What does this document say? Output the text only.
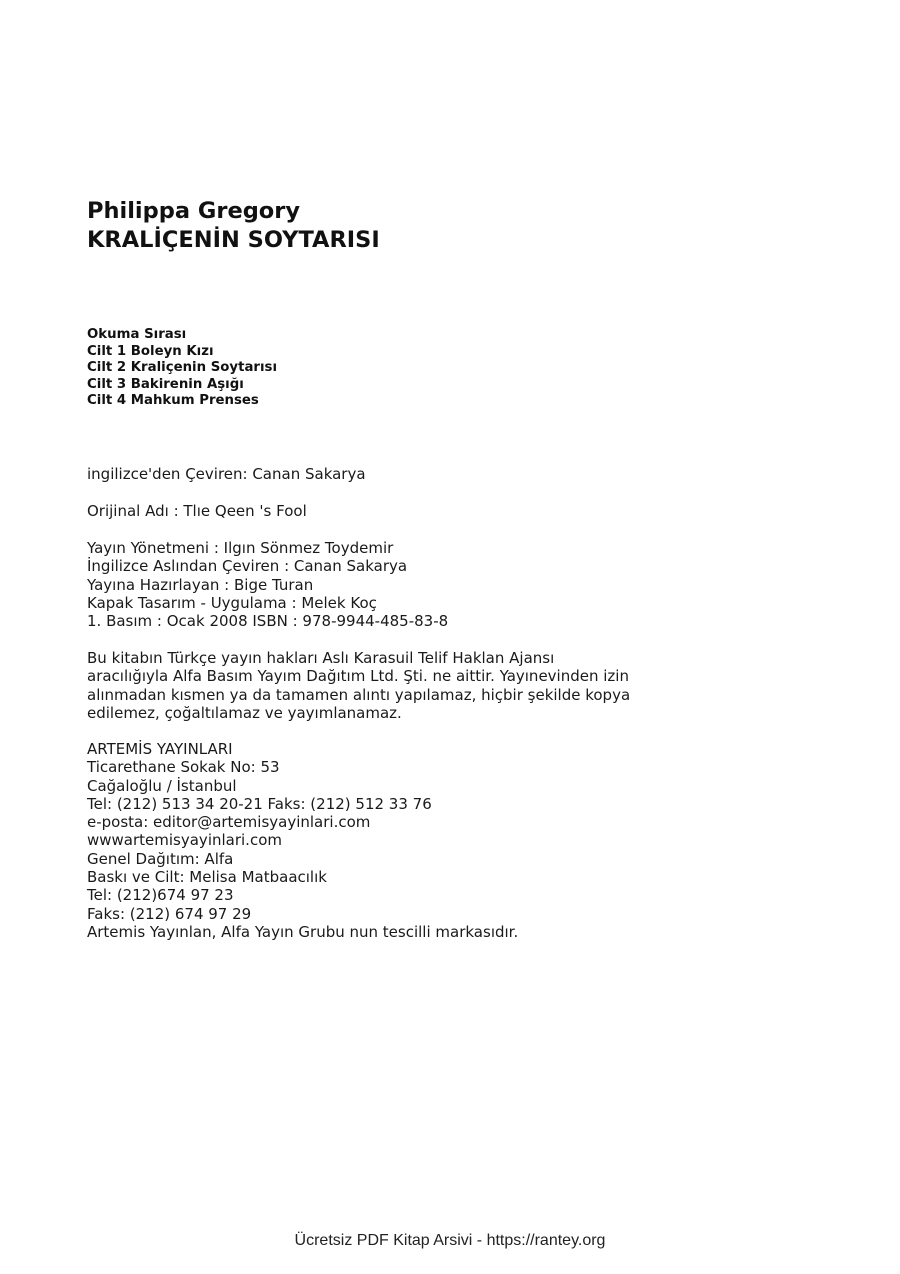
Philippa Gregory
KRALİÇENİN SOYTARISI
Okuma Sırası
Cilt 1 Boleyn Kızı
Cilt 2 Kraliçenin Soytarısı
Cilt 3 Bakirenin Aşığı
Cilt 4 Mahkum Prenses
ingilizce'den Çeviren: Canan Sakarya
Orijinal Adı : Tlıe Qeen 's Fool
Yayın Yönetmeni : Ilgın Sönmez Toydemir
İngilizce Aslından Çeviren : Canan Sakarya
Yayına Hazırlayan : Bige Turan
Kapak Tasarım - Uygulama : Melek Koç
1. Basım : Ocak 2008 ISBN : 978-9944-485-83-8
Bu kitabın Türkçe yayın hakları Aslı Karasuil Telif Haklan Ajansı
aracılığıyla Alfa Basım Yayım Dağıtım Ltd. Şti. ne aittir. Yayınevinden izin
alınmadan kısmen ya da tamamen alıntı yapılamaz, hiçbir şekilde kopya
edilemez, çoğaltılamaz ve yayımlanamaz.
ARTEMİS YAYINLARI
Ticarethane Sokak No: 53
Cağaloğlu / İstanbul
Tel: (212) 513 34 20-21 Faks: (212) 512 33 76
e-posta: editor@artemisyayinlari.com
wwwartemisyayinlari.com
Genel Dağıtım: Alfa
Baskı ve Cilt: Melisa Matbaacılık
Tel: (212)674 97 23
Faks: (212) 674 97 29
Artemis Yayınlan, Alfa Yayın Grubu nun tescilli markasıdır.
Ücretsiz PDF Kitap Arsivi - https://rantey.org
